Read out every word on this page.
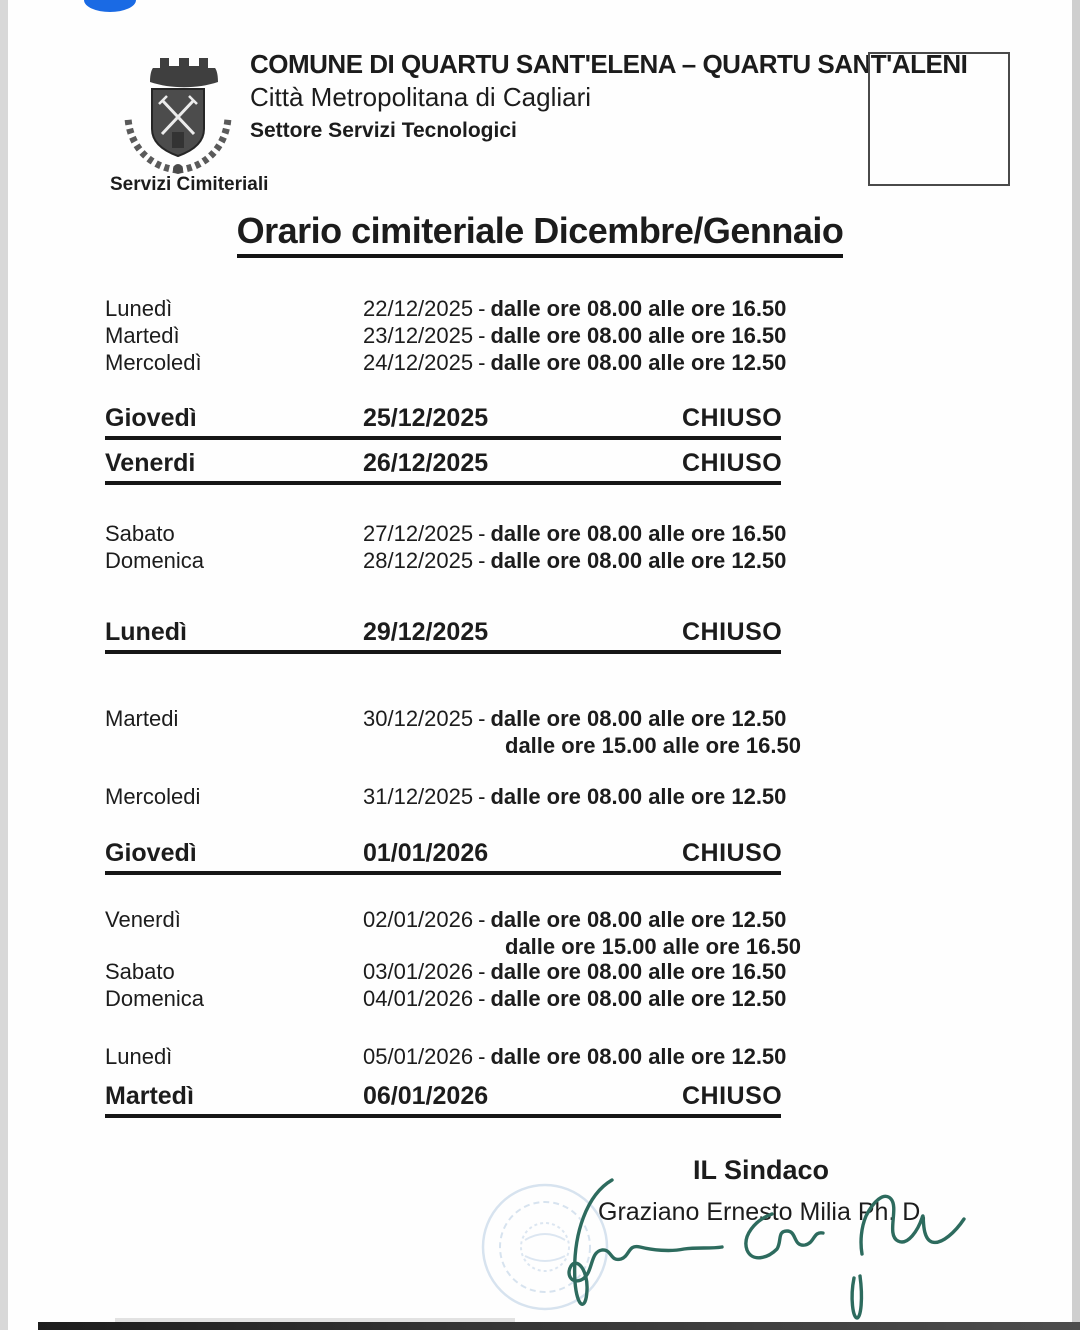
COMUNE DI QUARTU SANT'ELENA – QUARTU SANT'ALENI
Città Metropolitana di Cagliari
Settore Servizi Tecnologici
Servizi Cimiteriali
Orario cimiteriale Dicembre/Gennaio
Lunedì	22/12/2025 - dalle ore 08.00 alle ore 16.50
Martedì	23/12/2025 - dalle ore 08.00 alle ore 16.50
Mercoledì	24/12/2025 - dalle ore 08.00 alle ore 12.50
Giovedì	25/12/2025	CHIUSO
Venerdi	26/12/2025	CHIUSO
Sabato	27/12/2025 - dalle ore 08.00 alle ore 16.50
Domenica	28/12/2025 - dalle ore 08.00 alle ore 12.50
Lunedì	29/12/2025	CHIUSO
Martedi	30/12/2025 - dalle ore 08.00 alle ore 12.50
dalle ore 15.00 alle ore 16.50
Mercoledi	31/12/2025 - dalle ore 08.00 alle ore 12.50
Giovedì	01/01/2026	CHIUSO
Venerdì	02/01/2026 - dalle ore 08.00 alle ore 12.50
dalle ore 15.00 alle ore 16.50
Sabato	03/01/2026 - dalle ore 08.00 alle ore 16.50
Domenica	04/01/2026 - dalle ore 08.00 alle ore 12.50
Lunedì	05/01/2026 - dalle ore 08.00 alle ore 12.50
Martedì	06/01/2026	CHIUSO
IL Sindaco
Graziano Ernesto Milia Ph. D.
